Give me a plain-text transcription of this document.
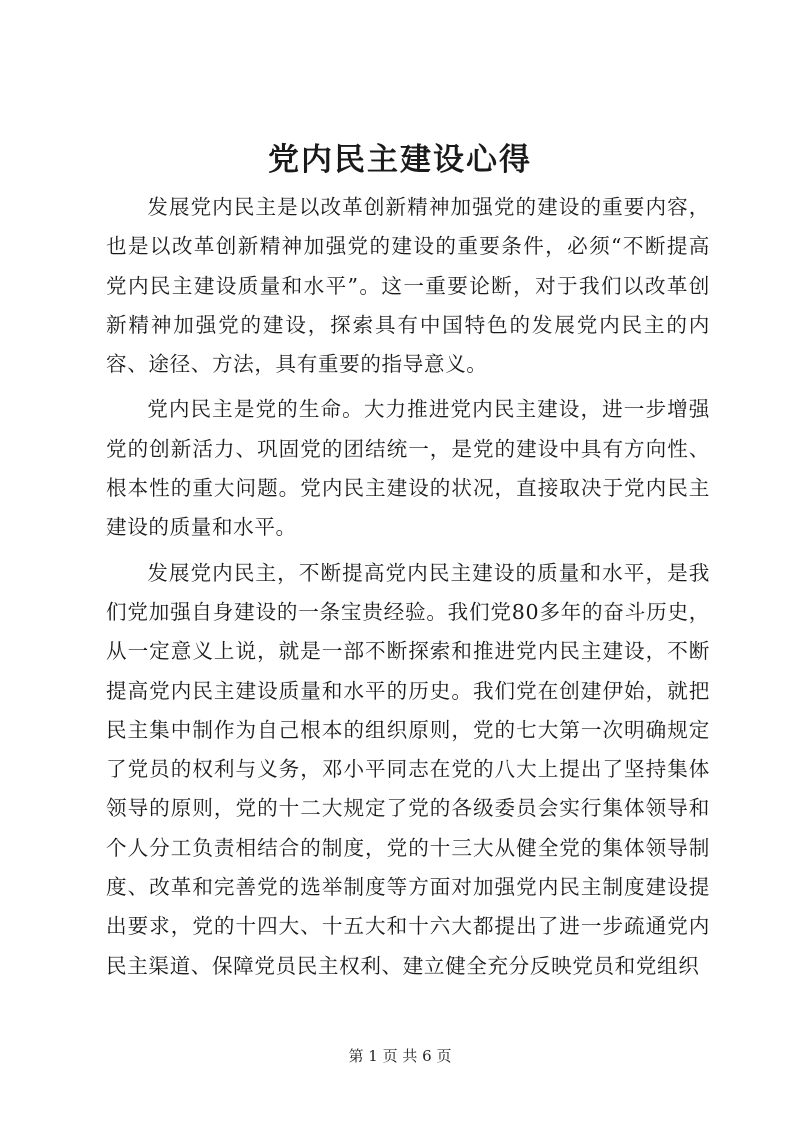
党内民主建设心得

发展党内民主是以改革创新精神加强党的建设的重要内容，也是以改革创新精神加强党的建设的重要条件，必须“不断提高党内民主建设质量和水平”。这一重要论断，对于我们以改革创新精神加强党的建设，探索具有中国特色的发展党内民主的内容、途径、方法，具有重要的指导意义。

党内民主是党的生命。大力推进党内民主建设，进一步增强党的创新活力、巩固党的团结统一，是党的建设中具有方向性、根本性的重大问题。党内民主建设的状况，直接取决于党内民主建设的质量和水平。

发展党内民主，不断提高党内民主建设的质量和水平，是我们党加强自身建设的一条宝贵经验。我们党80多年的奋斗历史，从一定意义上说，就是一部不断探索和推进党内民主建设，不断提高党内民主建设质量和水平的历史。我们党在创建伊始，就把民主集中制作为自己根本的组织原则，党的七大第一次明确规定了党员的权利与义务，邓小平同志在党的八大上提出了坚持集体领导的原则，党的十二大规定了党的各级委员会实行集体领导和个人分工负责相结合的制度，党的十三大从健全党的集体领导制度、改革和完善党的选举制度等方面对加强党内民主制度建设提出要求，党的十四大、十五大和十六大都提出了进一步疏通党内民主渠道、保障党员民主权利、建立健全充分反映党员和党组织

第 1 页 共 6 页
